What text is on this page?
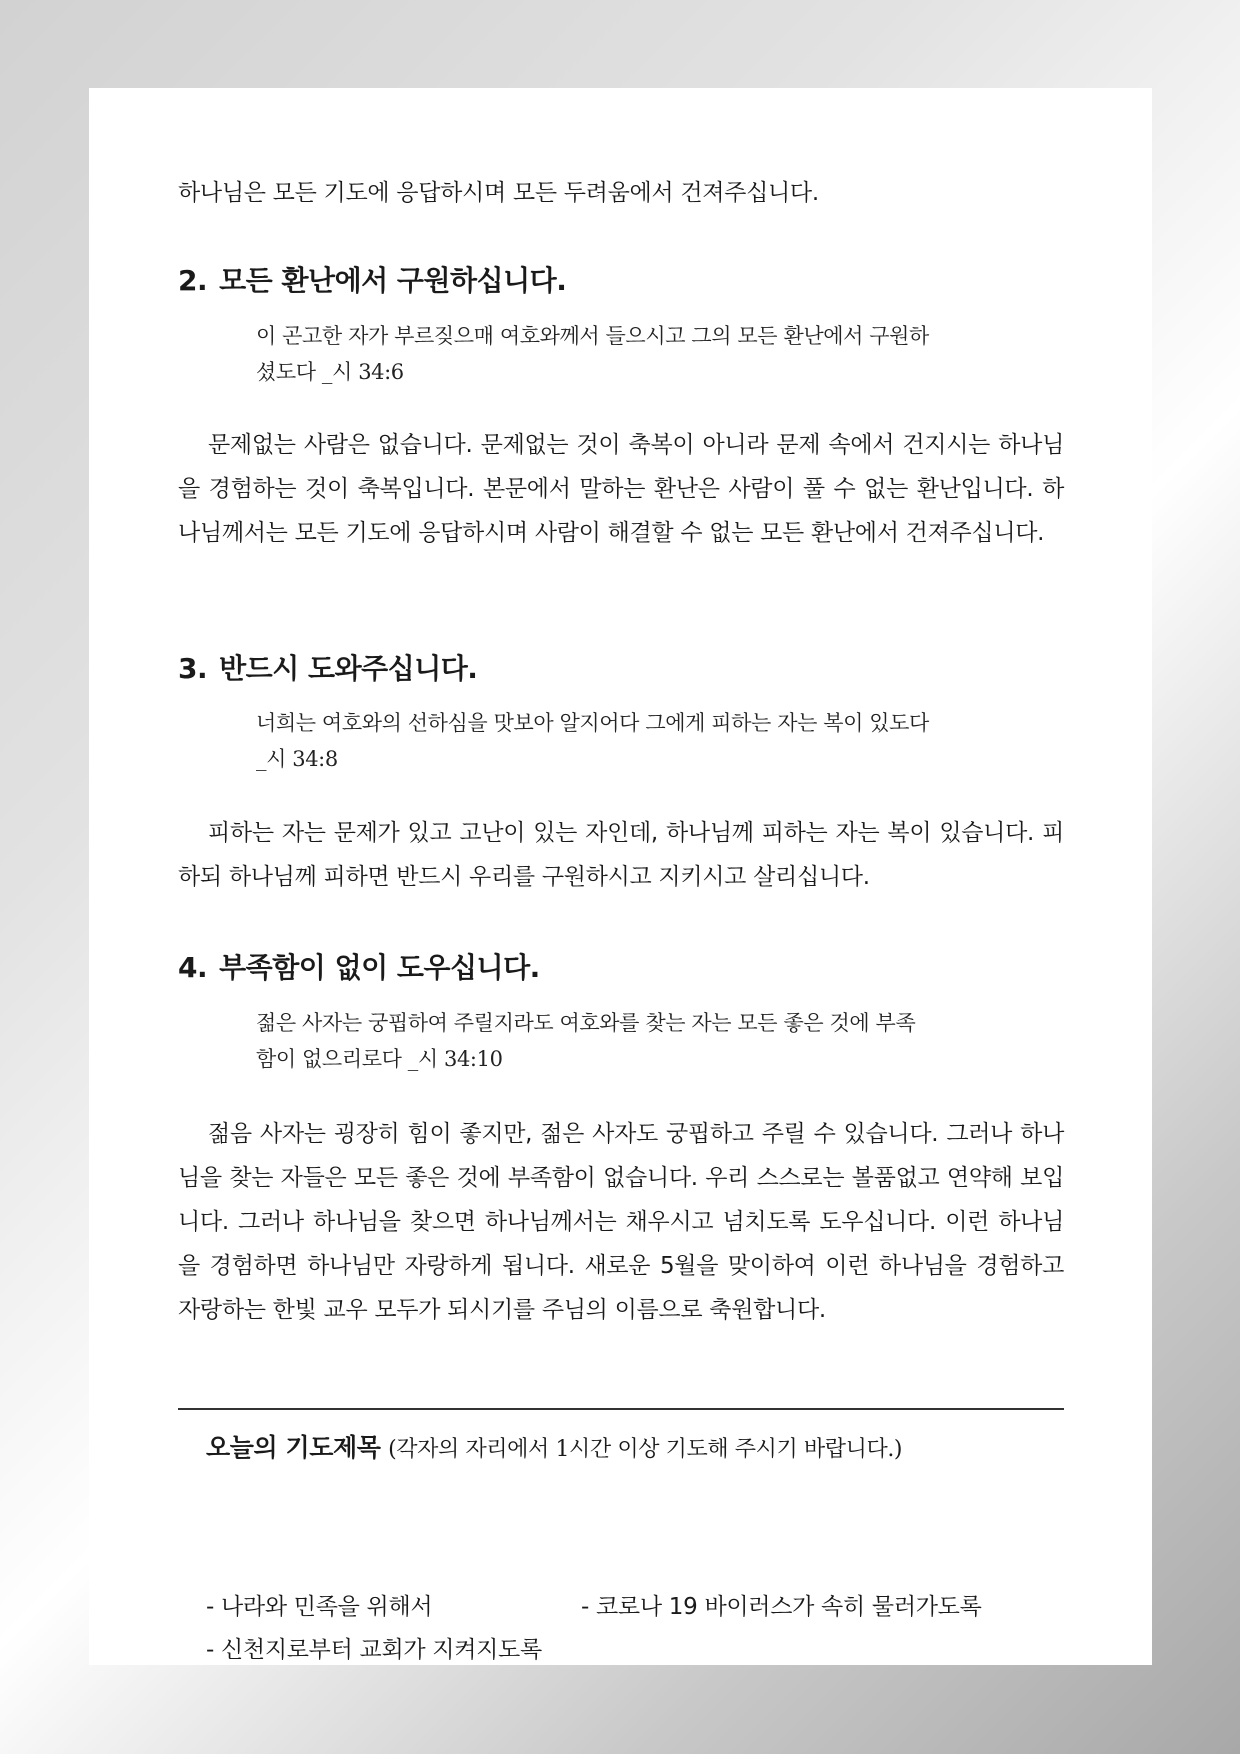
하나님은 모든 기도에 응답하시며 모든 두려움에서 건져주십니다.

2. 모든 환난에서 구원하십니다.
이 곤고한 자가 부르짖으매 여호와께서 들으시고 그의 모든 환난에서 구원하
셨도다 _시 34:6

문제없는 사람은 없습니다. 문제없는 것이 축복이 아니라 문제 속에서 건지시는 하나님을 경험하는 것이 축복입니다. 본문에서 말하는 환난은 사람이 풀 수 없는 환난입니다. 하나님께서는 모든 기도에 응답하시며 사람이 해결할 수 없는 모든 환난에서 건져주십니다.

3. 반드시 도와주십니다.
너희는 여호와의 선하심을 맛보아 알지어다 그에게 피하는 자는 복이 있도다
_시 34:8

피하는 자는 문제가 있고 고난이 있는 자인데, 하나님께 피하는 자는 복이 있습니다. 피하되 하나님께 피하면 반드시 우리를 구원하시고 지키시고 살리십니다.

4. 부족함이 없이 도우십니다.
젊은 사자는 궁핍하여 주릴지라도 여호와를 찾는 자는 모든 좋은 것에 부족
함이 없으리로다 _시 34:10

젊음 사자는 굉장히 힘이 좋지만, 젊은 사자도 궁핍하고 주릴 수 있습니다. 그러나 하나님을 찾는 자들은 모든 좋은 것에 부족함이 없습니다. 우리 스스로는 볼품없고 연약해 보입니다. 그러나 하나님을 찾으면 하나님께서는 채우시고 넘치도록 도우십니다. 이런 하나님을 경험하면 하나님만 자랑하게 됩니다. 새로운 5월을 맞이하여 이런 하나님을 경험하고 자랑하는 한빛 교우 모두가 되시기를 주님의 이름으로 축원합니다.

오늘의 기도제목 (각자의 자리에서 1시간 이상 기도해 주시기 바랍니다.)
- 나라와 민족을 위해서	- 코로나 19 바이러스가 속히 물러가도록
- 신천지로부터 교회가 지켜지도록
